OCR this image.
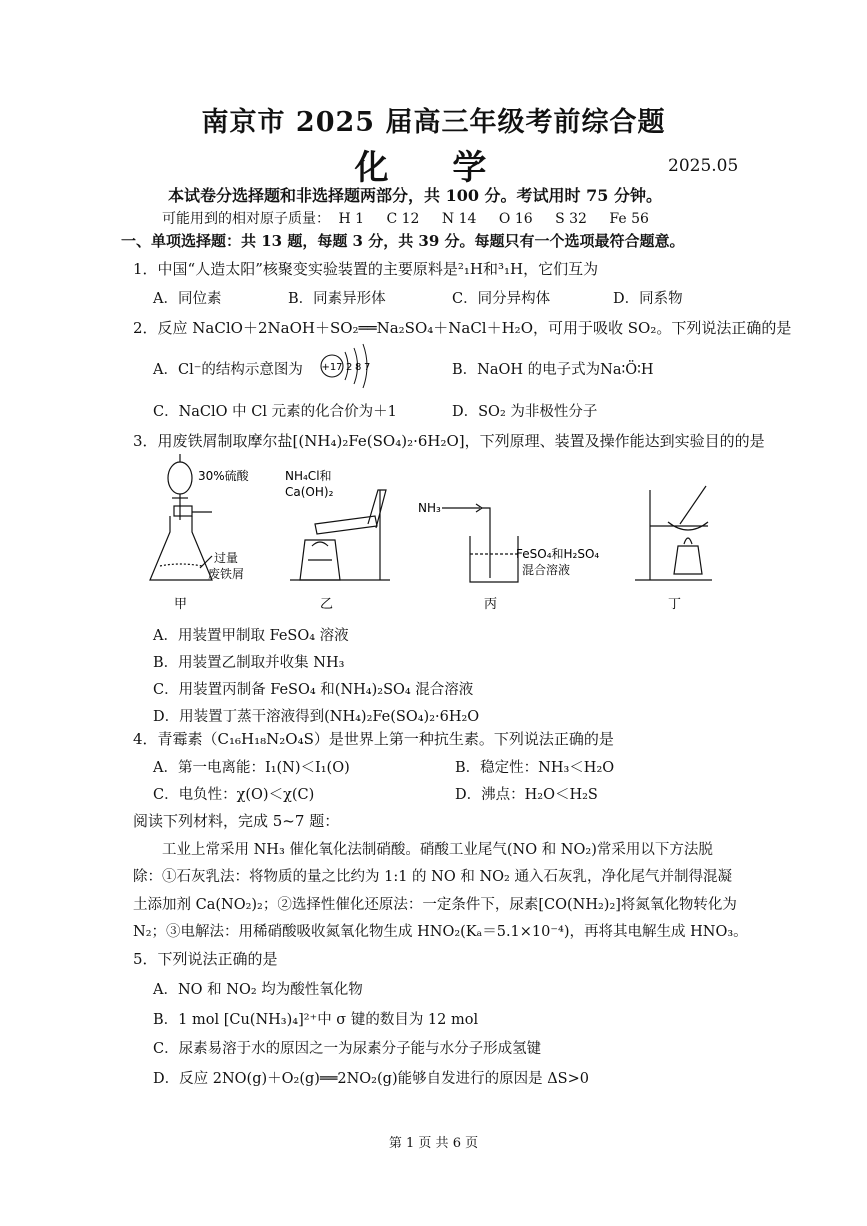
南京市 2025 届高三年级考前综合题
化 学	2025.05
本试卷分选择题和非选择题两部分，共 100 分。考试用时 75 分钟。
可能用到的相对原子质量： H 1 C 12 N 14 O 16 S 32 Fe 56
一、单项选择题：共 13 题，每题 3 分，共 39 分。每题只有一个选项最符合题意。
1．中国“人造太阳”核聚变实验装置的主要原料是²₁H和³₁H，它们互为
A．同位素	B．同素异形体	C．同分异构体	D．同系物
2．反应 NaClO＋2NaOH＋SO₂══Na₂SO₄＋NaCl＋H₂O，可用于吸收 SO₂。下列说法正确的是
A．Cl⁻的结构示意图为 +17 2 8 7	B．NaOH 的电子式为Na∶Ö∶H
C．NaClO 中 Cl 元素的化合价为＋1	D．SO₂ 为非极性分子
3．用废铁屑制取摩尔盐[(NH₄)₂Fe(SO₄)₂·6H₂O]，下列原理、装置及操作能达到实验目的的是
30%硫酸
过量
废铁屑
甲
NH₄Cl和
Ca(OH)₂
乙
NH₃
FeSO₄和H₂SO₄
混合溶液
丙	丁
A．用装置甲制取 FeSO₄ 溶液
B．用装置乙制取并收集 NH₃
C．用装置丙制备 FeSO₄ 和(NH₄)₂SO₄ 混合溶液
D．用装置丁蒸干溶液得到(NH₄)₂Fe(SO₄)₂·6H₂O
4．青霉素（C₁₆H₁₈N₂O₄S）是世界上第一种抗生素。下列说法正确的是
A．第一电离能：I₁(N)＜I₁(O)	B．稳定性：NH₃＜H₂O
C．电负性：χ(O)＜χ(C)	D．沸点：H₂O＜H₂S
阅读下列材料，完成 5~7 题：
工业上常采用 NH₃ 催化氧化法制硝酸。硝酸工业尾气(NO 和 NO₂)常采用以下方法脱
除：①石灰乳法：将物质的量之比约为 1:1 的 NO 和 NO₂ 通入石灰乳，净化尾气并制得混凝
土添加剂 Ca(NO₂)₂；②选择性催化还原法：一定条件下，尿素[CO(NH₂)₂]将氮氧化物转化为
N₂；③电解法：用稀硝酸吸收氮氧化物生成 HNO₂(Kₐ＝5.1×10⁻⁴)，再将其电解生成 HNO₃。
5．下列说法正确的是
A．NO 和 NO₂ 均为酸性氧化物
B．1 mol [Cu(NH₃)₄]²⁺中 σ 键的数目为 12 mol
C．尿素易溶于水的原因之一为尿素分子能与水分子形成氢键
D．反应 2NO(g)＋O₂(g)══2NO₂(g)能够自发进行的原因是 ΔS>0
第 1 页 共 6 页
